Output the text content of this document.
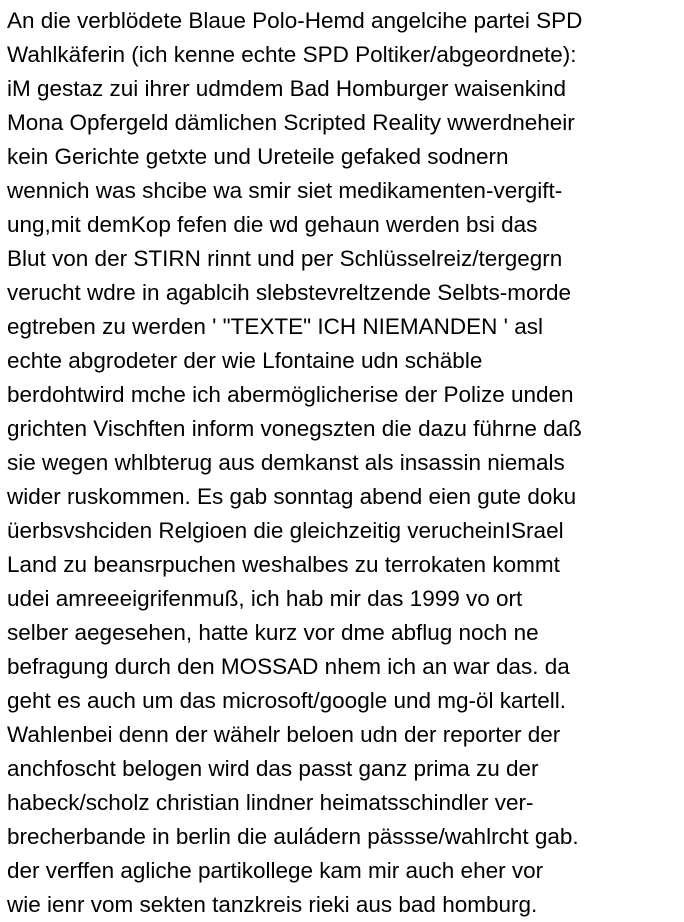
An die verblödete Blaue Polo-Hemd angelcihe partei SPD
Wahlkäferin (ich kenne echte SPD Poltiker/abgeordnete):
iM gestaz zui ihrer udmdem Bad Homburger waisenkind
Mona Opfergeld dämlichen Scripted Reality wwerdneheir
kein Gerichte getxte und Ureteile gefaked sodnern
wennich was shcibe wa smir siet medikamenten-vergift-
ung,mit demKop fefen die wd gehaun werden bsi das
Blut von der STIRN rinnt und per Schlüsselreiz/tergegrn
verucht wdre in agablcih slebstevreltzende Selbts-morde
egtreben zu werden ' "TEXTE" ICH NIEMANDEN ' asl
echte abgrodeter der wie Lfontaine udn schäble
berdohtwird mche ich abermöglicherise der Polize unden
grichten Vischften inform vonegszten die dazu führne daß
sie wegen whlbterug aus demkanst als insassin niemals
wider ruskommen. Es gab sonntag abend eien gute doku
üerbsvshciden Relgioen die gleichzeitig verucheinISrael
Land zu beansrpuchen weshalbes zu terrokaten kommt
udei amreeeigrifenmuß, ich hab mir das 1999 vo ort
selber aegesehen, hatte kurz vor dme abflug noch ne
befragung durch den MOSSAD nhem ich an war das. da
geht es auch um das microsoft/google und mg-öl kartell.
Wahlenbei denn der wähelr beloen udn der reporter der
anchfoscht belogen wird das passt ganz prima zu der
habeck/scholz christian lindner heimatsschindler ver-
brecherbande in berlin die auládern pässse/wahlrcht gab.
der verffen agliche partikollege kam mir auch eher vor
wie ienr vom sekten tanzkreis rieki aus bad homburg.
